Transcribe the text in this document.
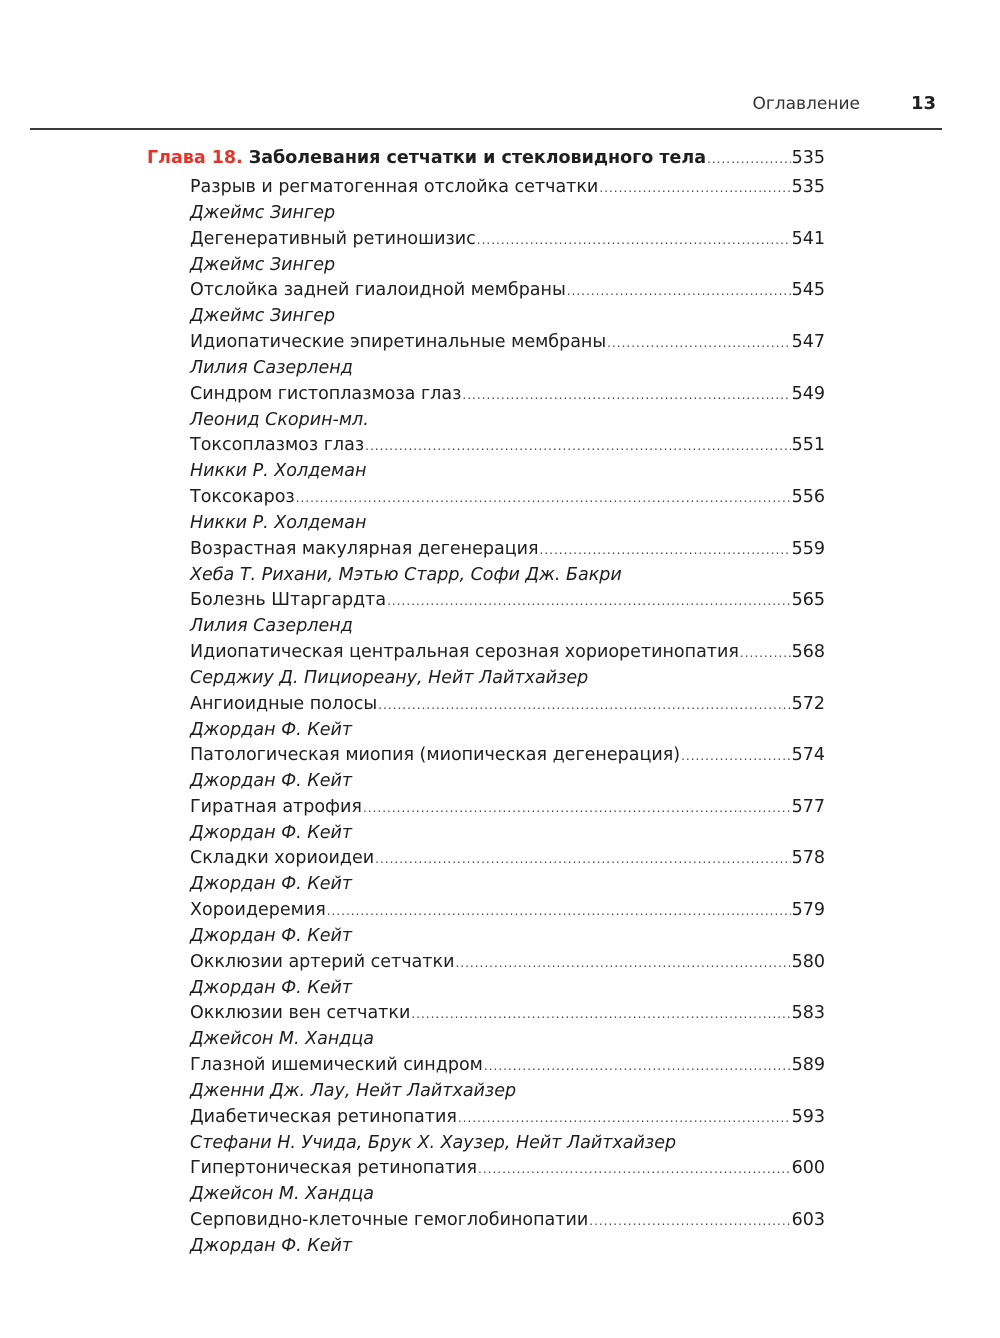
Оглавление	13
Глава 18. Заболевания сетчатки и стекловидного тела .....	535
Разрыв и регматогенная отслойка сетчатки .....	535
Джеймс Зингер
Дегенеративный ретиношизис .....	541
Джеймс Зингер
Отслойка задней гиалоидной мембраны .....	545
Джеймс Зингер
Идиопатические эпиретинальные мембраны .....	547
Лилия Сазерленд
Синдром гистоплазмоза глаз .....	549
Леонид Скорин-мл.
Токсоплазмоз глаз .....	551
Никки Р. Холдеман
Токсокароз .....	556
Никки Р. Холдеман
Возрастная макулярная дегенерация .....	559
Хеба Т. Рихани, Мэтью Старр, Софи Дж. Бакри
Болезнь Штаргардта .....	565
Лилия Сазерленд
Идиопатическая центральная серозная хориоретинопатия .....	568
Серджиу Д. Пициореану, Нейт Лайтхайзер
Ангиоидные полосы .....	572
Джордан Ф. Кейт
Патологическая миопия (миопическая дегенерация) .....	574
Джордан Ф. Кейт
Гиратная атрофия .....	577
Джордан Ф. Кейт
Складки хориоидеи .....	578
Джордан Ф. Кейт
Хороидеремия .....	579
Джордан Ф. Кейт
Окклюзии артерий сетчатки .....	580
Джордан Ф. Кейт
Окклюзии вен сетчатки .....	583
Джейсон М. Хандца
Глазной ишемический синдром .....	589
Дженни Дж. Лау, Нейт Лайтхайзер
Диабетическая ретинопатия .....	593
Стефани Н. Учида, Брук Х. Хаузер, Нейт Лайтхайзер
Гипертоническая ретинопатия .....	600
Джейсон М. Хандца
Серповидно-клеточные гемоглобинопатии .....	603
Джордан Ф. Кейт
